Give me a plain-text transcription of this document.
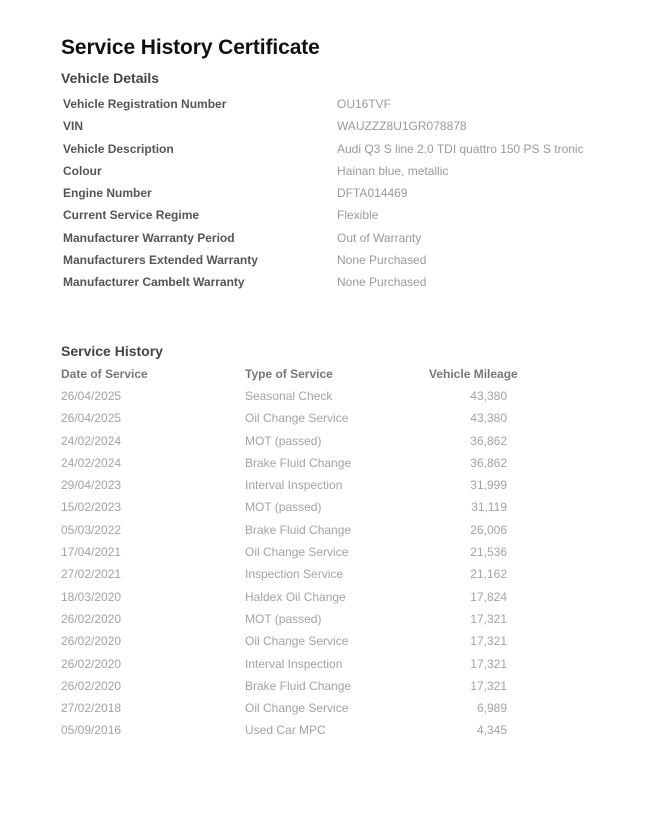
Service History Certificate
Vehicle Details
Vehicle Registration Number	OU16TVF
VIN	WAUZZZ8U1GR078878
Vehicle Description	Audi Q3 S line 2.0 TDI quattro 150 PS S tronic
Colour	Hainan blue, metallic
Engine Number	DFTA014469
Current Service Regime	Flexible
Manufacturer Warranty Period	Out of Warranty
Manufacturers Extended Warranty	None Purchased
Manufacturer Cambelt Warranty	None Purchased
Service History
Date of Service	Type of Service	Vehicle Mileage
26/04/2025	Seasonal Check	43,380
26/04/2025	Oil Change Service	43,380
24/02/2024	MOT (passed)	36,862
24/02/2024	Brake Fluid Change	36,862
29/04/2023	Interval Inspection	31,999
15/02/2023	MOT (passed)	31,119
05/03/2022	Brake Fluid Change	26,006
17/04/2021	Oil Change Service	21,536
27/02/2021	Inspection Service	21,162
18/03/2020	Haldex Oil Change	17,824
26/02/2020	MOT (passed)	17,321
26/02/2020	Oil Change Service	17,321
26/02/2020	Interval Inspection	17,321
26/02/2020	Brake Fluid Change	17,321
27/02/2018	Oil Change Service	6,989
05/09/2016	Used Car MPC	4,345
